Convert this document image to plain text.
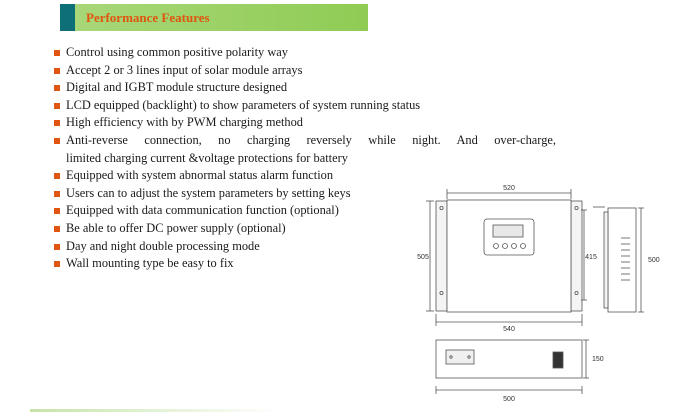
Performance Features
Control using common positive polarity way
Accept 2 or 3 lines input of solar module arrays
Digital and IGBT module structure designed
LCD equipped (backlight) to show parameters of system running status
High efficiency with by PWM charging method
Anti-reverse connection, no charging reversely while night. And over-charge,
limited charging current &voltage protections for battery
Equipped with system abnormal status alarm function
Users can to adjust the system parameters by setting keys
Equipped with data communication function (optional)
Be able to offer DC power supply (optional)
Day and night double processing mode
Wall mounting type be easy to fix
520
540
505	415	500
500
150
